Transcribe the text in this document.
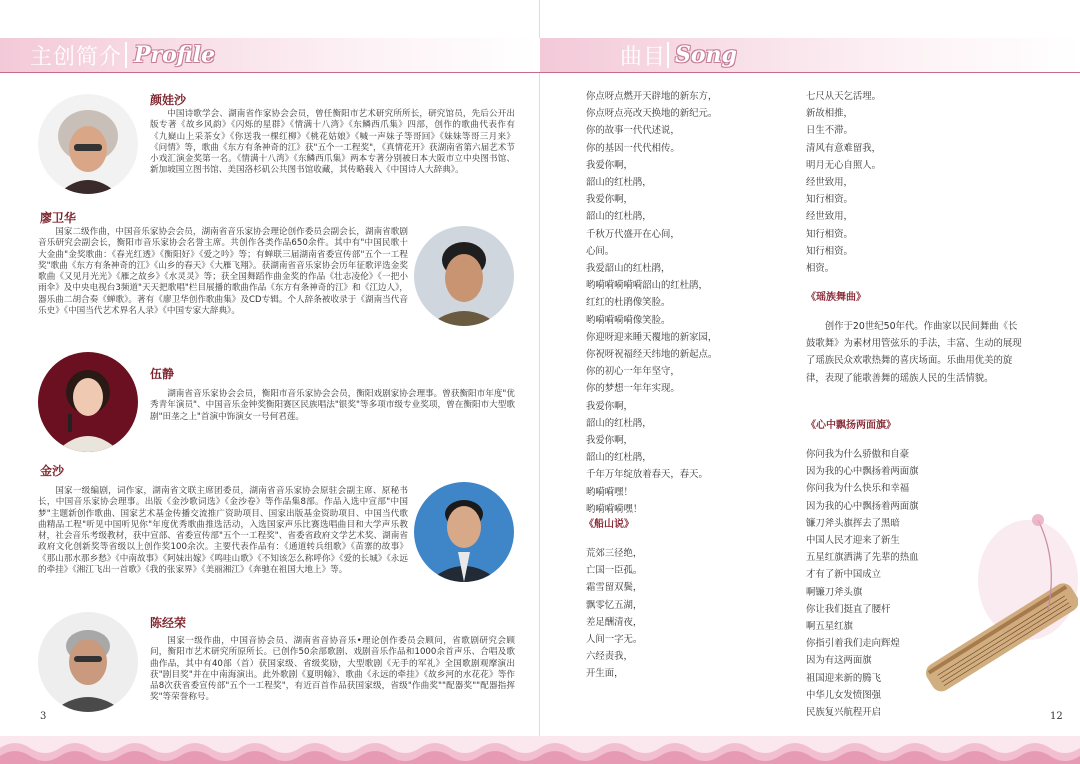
主创简介 Profile
颜娃沙

中国诗歌学会、湖南省作家协会会员，曾任衡阳市艺术研究所所长，研究馆员，先后公开出版专著《故乡风韵》《闪烁的星群》《情满十八湾》《东鳞西爪集》四部，创作的歌曲代表作有《九嶷山上采茶女》《你送我一棵红柳》《桃花姑娘》《喊一声妹子等哥回》《妹妹等哥三月来》《问情》等，歌曲《东方有条神奇的江》获"五个一工程奖"，《真情花开》获湖南省第六届艺术节小戏汇演金奖第一名。《情满十八湾》《东鳞西爪集》两本专著分别被日本大阪市立中央图书馆、新加坡国立图书馆、美国洛杉矶公共图书馆收藏，其传略载入《中国诗人大辞典》。

廖卫华

国家二级作曲，中国音乐家协会会员，湖南省音乐家协会理论创作委员会副会长，湖南省歌剧音乐研究会副会长，衡阳市音乐家协会名誉主席。共创作各类作品650余件。其中有"中国民歌十大金曲"金奖歌曲：《春光红透》《衡阳好》《爱之吟》等；有蝉联三届湖南省委宣传部"五个一工程奖"歌曲《东方有条神奇的江》《山乡的春天》《大雁飞翔》。获湖南省音乐家协会历年征歌评选金奖歌曲《又见月光光》《雁之故乡》《水灵灵》等；获全国舞蹈作曲金奖的作品《壮志凌伦》《一把小雨伞》及中央电视台3频道"天天把歌唱"栏目展播的歌曲作品《东方有条神奇的江》和《江边人》，器乐曲二胡合奏《蝉歌》。著有《廖卫华创作歌曲集》及CD专辑。个人辞条被收录于《湖南当代音乐史》《中国当代艺术界名人录》《中国专家大辞典》。

伍静

湖南省音乐家协会会员，衡阳市音乐家协会会员，衡阳戏剧家协会理事。曾获衡阳市年度"优秀青年演员"、中国音乐金钟奖衡阳赛区民族唱法"银奖"等多项市级专业奖项，曾在衡阳市大型歌剧"田垄之上"首演中饰演女一号何君莲。

金沙

国家一级编剧，词作家，湖南省文联主席团委员，湖南省音乐家协会原驻会副主席、原秘书长，中国音乐家协会理事。出版《金沙歌词选》《金沙卷》等作品集8部。作品入选中宣部"中国梦"主题新创作歌曲、国家艺术基金传播交流推广资助项目、国家出版基金资助项目、中国当代歌曲精品工程"听见中国听见你"年度优秀歌曲推选活动，入选国家声乐比赛选唱曲目和大学声乐教材，社会音乐考级教材，获中宣部、省委宣传部"五个一工程奖"、省委省政府文学艺术奖、湖南省政府文化创新奖等省级以上创作奖100余次。主要代表作品有：《通道转兵组歌》《苗寨的故事》《那山那水那乡愁》《中南故事》《阿妹出嫁》《鸣哇山歌》《不知该怎么称呼你》《爱的长城》《永远的牵挂》《湘江飞出一首歌》《我的张家界》《美丽湘江》《奔驰在祖国大地上》等。

陈经荣

国家一级作曲，中国音协会员、湖南省音协音乐•理论创作委员会顾问，省歌剧研究会顾问，衡阳市艺术研究所原所长。已创作50余部歌剧、戏剧音乐作品和1000余首声乐、合唱及歌曲作品，其中有40部（首）获国家级、省级奖励，大型歌剧《无手的军礼》全国歌剧观摩演出获"剧目奖"并在中南海演出。此外歌剧《夏明翰》、歌曲《永远的牵挂》《故乡河的水花花》等作品8次获省委宣传部"五个一工程奖"，有近百首作品获国家级，省级"作曲奖""配器奖""配器指挥奖"等荣誉称号。

3
曲目 Song
你点呀点燃开天辟地的新东方，
你点呀点亮改天换地的新纪元。
你的故事一代代述说，
你的基因一代代相传。
我爱你啊，
韶山的红杜鹃，
我爱你啊，
韶山的红杜鹃，
千秋万代盛开在心间，
心间。
我爱韶山的红杜鹃，
哟嗬嗬嗬嗬嗬韶山的红杜鹃，
红红的杜鹃像笑脸。
哟嗬嗬嗬嗬像笑脸。
你迎呀迎来睡天覆地的新家园，
你祝呀祝福经天纬地的新起点。
你的初心一年年坚守，
你的梦想一年年实现。
我爱你啊，
韶山的红杜鹃，
我爱你啊，
韶山的红杜鹃，
千年万年绽放着春天，春天。
哟嗬嗬嘿！
哟嗬嗬嗬嘿！
《船山说》
荒郊三径绝，
亡国一臣孤。
霜雪留双鬓，
飘零忆五湖，
差足酬清夜，
人间一字无。
六经责我，
开生面，
七尺从天乞活埋。
新故相推，
日生不滞。
清风有意难留我，
明月无心自照人。
经世致用，
知行相资。
经世致用，
知行相资。
知行相资。
相资。
《瑶族舞曲》

创作于20世纪50年代。作曲家以民间舞曲《长鼓歌舞》为素材用管弦乐的手法，丰富、生动的展现了瑶族民众欢歌热舞的喜庆场面。乐曲用优美的旋律，表现了能歌善舞的瑶族人民的生活情貌。

《心中飘扬两面旗》
你问我为什么骄傲和自豪
因为我的心中飘扬着两面旗
你问我为什么快乐和幸福
因为我的心中飘扬着两面旗
镰刀斧头旗挥去了黑暗
中国人民才迎来了新生
五星红旗洒满了先辈的热血
才有了新中国成立
啊镰刀斧头旗
你让我们挺直了腰杆
啊五星红旗
你指引着我们走向辉煌
因为有这两面旗
祖国迎来新的腾飞
中华儿女发愤图强
民族复兴航程开启	12
